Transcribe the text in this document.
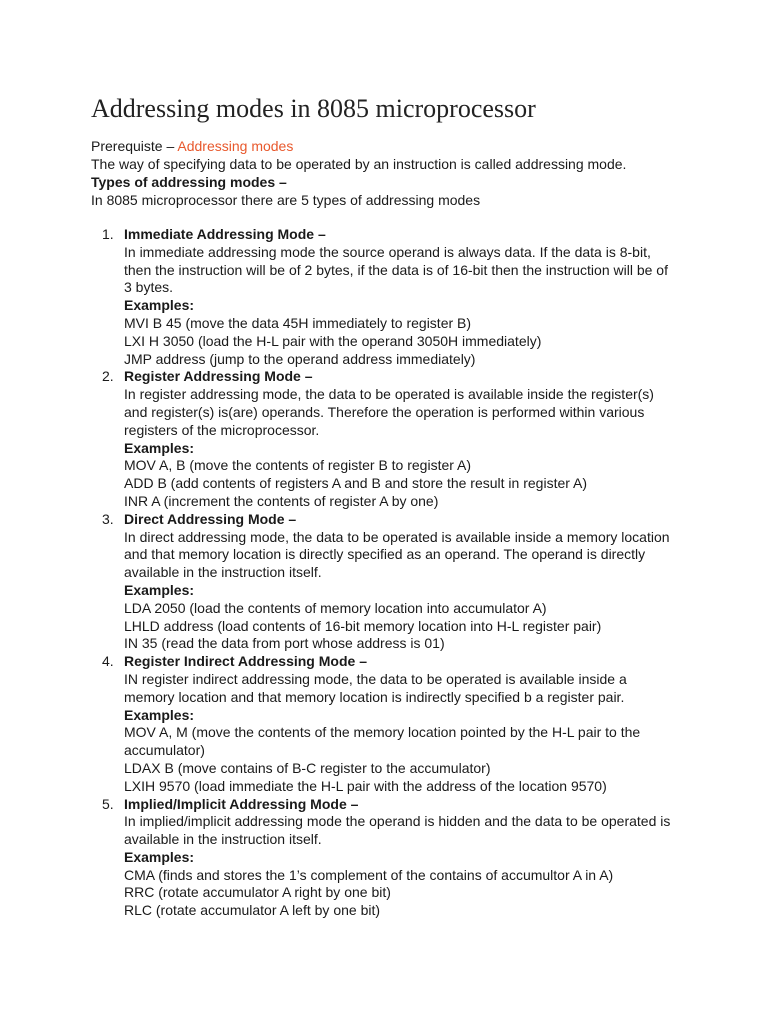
Addressing modes in 8085 microprocessor
Prerequiste – Addressing modes
The way of specifying data to be operated by an instruction is called addressing mode.
Types of addressing modes –
In 8085 microprocessor there are 5 types of addressing modes
1. Immediate Addressing Mode –
In immediate addressing mode the source operand is always data. If the data is 8-bit, then the instruction will be of 2 bytes, if the data is of 16-bit then the instruction will be of 3 bytes.
Examples:
MVI B 45 (move the data 45H immediately to register B)
LXI H 3050 (load the H-L pair with the operand 3050H immediately)
JMP address (jump to the operand address immediately)
2. Register Addressing Mode –
In register addressing mode, the data to be operated is available inside the register(s) and register(s) is(are) operands. Therefore the operation is performed within various registers of the microprocessor.
Examples:
MOV A, B (move the contents of register B to register A)
ADD B (add contents of registers A and B and store the result in register A)
INR A (increment the contents of register A by one)
3. Direct Addressing Mode –
In direct addressing mode, the data to be operated is available inside a memory location and that memory location is directly specified as an operand. The operand is directly available in the instruction itself.
Examples:
LDA 2050 (load the contents of memory location into accumulator A)
LHLD address (load contents of 16-bit memory location into H-L register pair)
IN 35 (read the data from port whose address is 01)
4. Register Indirect Addressing Mode –
IN register indirect addressing mode, the data to be operated is available inside a memory location and that memory location is indirectly specified b a register pair.
Examples:
MOV A, M (move the contents of the memory location pointed by the H-L pair to the accumulator)
LDAX B (move contains of B-C register to the accumulator)
LXIH 9570 (load immediate the H-L pair with the address of the location 9570)
5. Implied/Implicit Addressing Mode –
In implied/implicit addressing mode the operand is hidden and the data to be operated is available in the instruction itself.
Examples:
CMA (finds and stores the 1’s complement of the contains of accumultor A in A)
RRC (rotate accumulator A right by one bit)
RLC (rotate accumulator A left by one bit)
